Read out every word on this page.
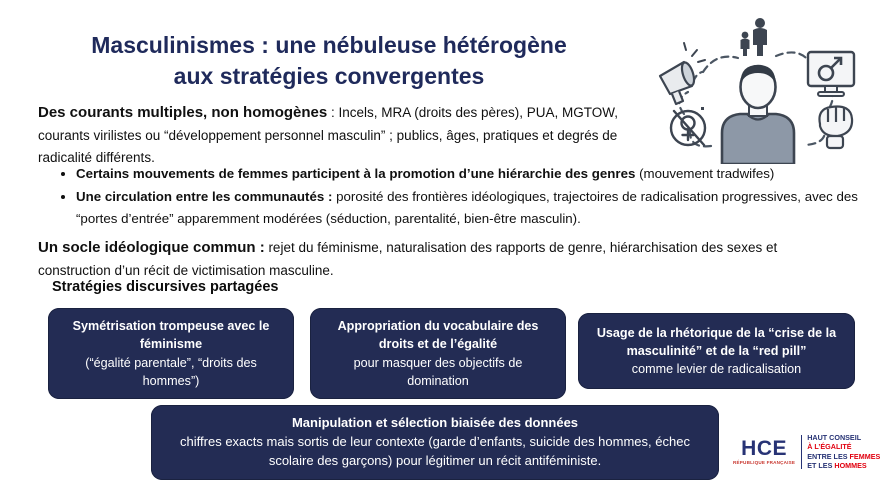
Masculinismes : une nébuleuse hétérogène
aux stratégies convergentes

Des courants multiples, non homogènes : Incels, MRA (droits des pères), PUA, MGTOW, courants virilistes ou “développement personnel masculin” ; publics, âges, pratiques et degrés de radicalité différents.

• Certains mouvements de femmes participent à la promotion d’une hiérarchie des genres (mouvement tradwifes)
• Une circulation entre les communautés : porosité des frontières idéologiques, trajectoires de radicalisation progressives, avec des “portes d’entrée” apparemment modérées (séduction, parentalité, bien-être masculin).

Un socle idéologique commun : rejet du féminisme, naturalisation des rapports de genre, hiérarchisation des sexes et construction d’un récit de victimisation masculine.

Stratégies discursives partagées
Symétrisation trompeuse avec le féminisme
(“égalité parentale”, “droits des hommes”)
Appropriation du vocabulaire des droits et de l’égalité
pour masquer des objectifs de domination
Usage de la rhétorique de la “crise de la masculinité” et de la “red pill”
comme levier de radicalisation
Manipulation et sélection biaisée des données
chiffres exacts mais sortis de leur contexte (garde d’enfants, suicide des hommes, échec scolaire des garçons) pour légitimer un récit antiféministe.	HCE
RÉPUBLIQUE FRANÇAISE
HAUT CONSEIL
À L’ÉGALITÉ
ENTRE LES FEMMES
ET LES HOMMES
